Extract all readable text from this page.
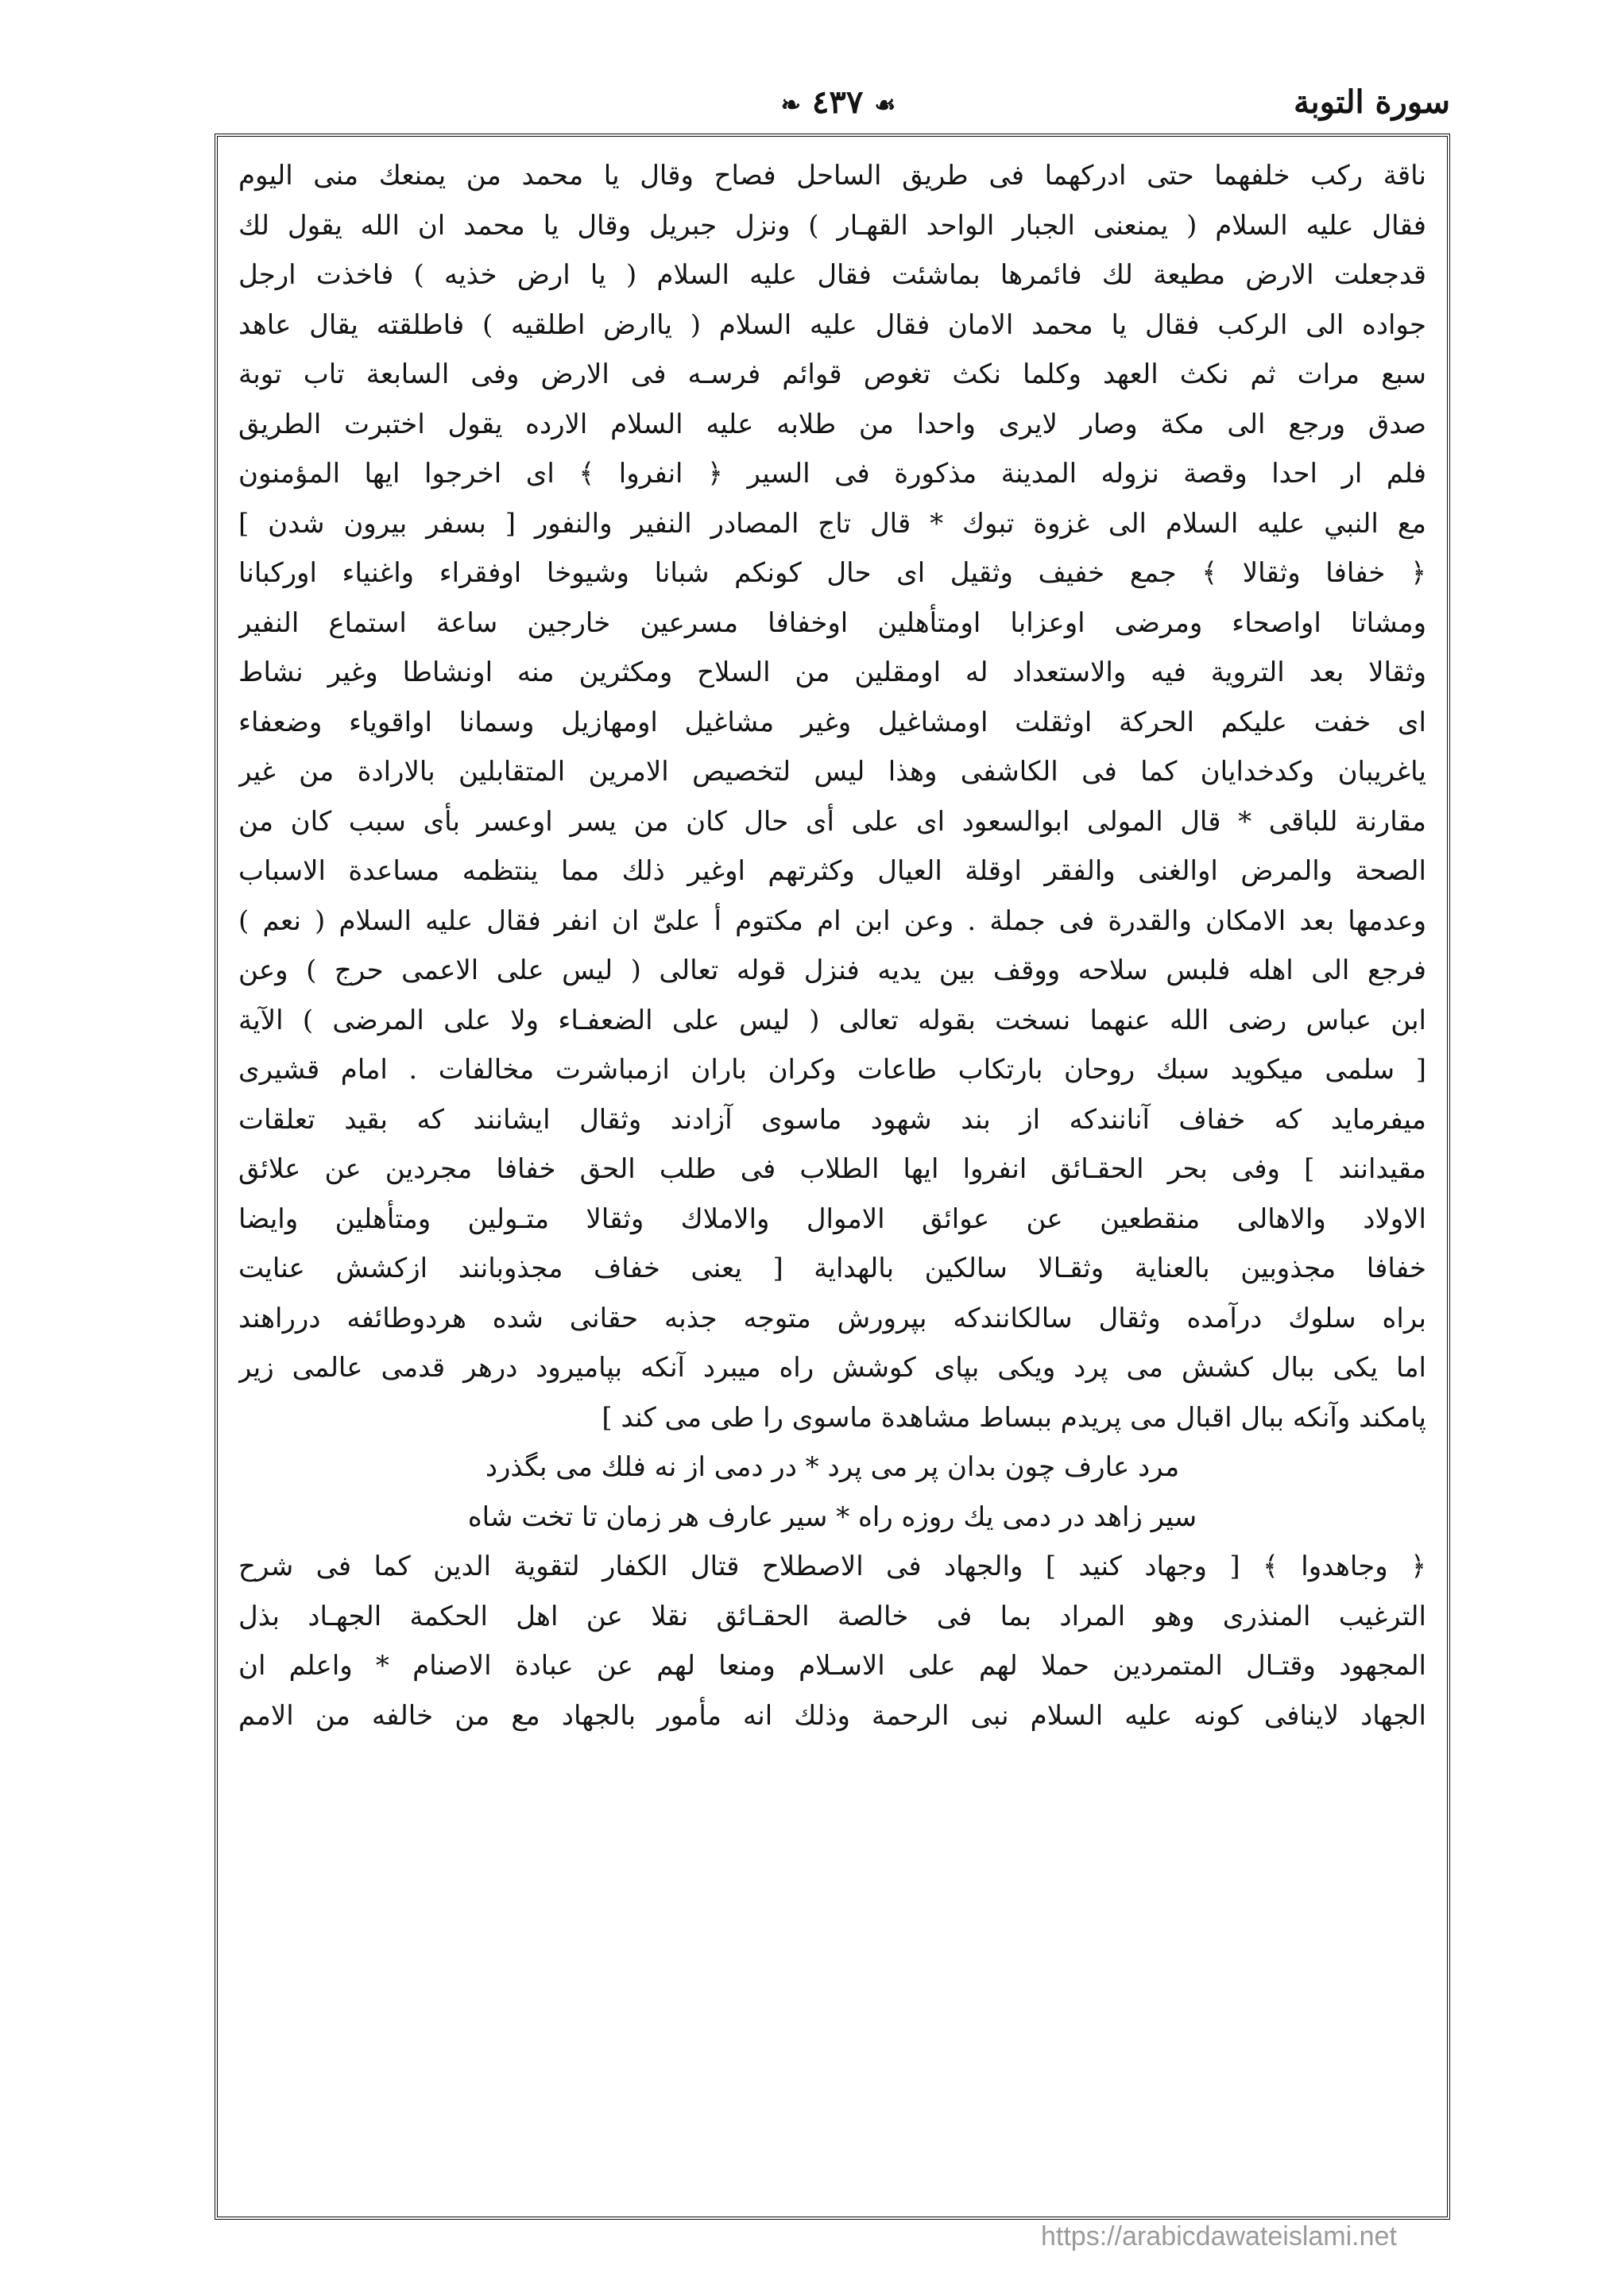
سورة التوبة
☙٤٣٧❧
ناقة ركب خلفهما حتى ادركهما فى طريق الساحل فصاح وقال يا محمد من يمنعك منى اليوم
فقال عليه السلام ( يمنعنى الجبار الواحد القهـار ) ونزل جبريل وقال يا محمد ان الله يقول لك
قدجعلت الارض مطيعة لك فائمرها بماشئت فقال عليه السلام ( يا ارض خذيه ) فاخذت ارجل
جواده الى الركب فقال يا محمد الامان فقال عليه السلام ( ياارض اطلقيه ) فاطلقته يقال عاهد
سبع مرات ثم نكث العهد وكلما نكث تغوص قوائم فرسـه فى الارض وفى السابعة تاب توبة
صدق ورجع الى مكة وصار لايرى واحدا من طلابه عليه السلام الارده يقول اختبرت الطريق
فلم ار احدا وقصة نزوله المدينة مذكورة فى السير ﴿ انفروا ﴾ اى اخرجوا ايها المؤمنون
مع النبي عليه السلام الى غزوة تبوك * قال تاج المصادر النفير والنفور [ بسفر بيرون شدن ]
﴿ خفافا وثقالا ﴾ جمع خفيف وثقيل اى حال كونكم شبانا وشيوخا اوفقراء واغنياء اوركبانا
ومشاتا اواصحاء ومرضى اوعزابا اومتأهلين اوخفافا مسرعين خارجين ساعة استماع النفير
وثقالا بعد التروية فيه والاستعداد له اومقلين من السلاح ومكثرين منه اونشاطا وغير نشاط
اى خفت عليكم الحركة اوثقلت اومشاغيل وغير مشاغيل اومهازيل وسمانا اواقوياء وضعفاء
ياغريبان وكدخدايان كما فى الكاشفى وهذا ليس لتخصيص الامرين المتقابلين بالارادة من غير
مقارنة للباقى * قال المولى ابوالسعود اى على أى حال كان من يسر اوعسر بأى سبب كان من
الصحة والمرض اوالغنى والفقر اوقلة العيال وكثرتهم اوغير ذلك مما ينتظمه مساعدة الاسباب
وعدمها بعد الامكان والقدرة فى جملة . وعن ابن ام مكتوم أ علىّ ان انفر فقال عليه السلام ( نعم )
فرجع الى اهله فلبس سلاحه ووقف بين يديه فنزل قوله تعالى ( ليس على الاعمى حرج ) وعن
ابن عباس رضى الله عنهما نسخت بقوله تعالى ( ليس على الضعفـاء ولا على المرضى ) الآية
[ سلمى ميكويد سبك روحان بارتكاب طاعات وكران باران ازمباشرت مخالفات . امام قشيرى
ميفرمايد كه خفاف آنانندكه از بند شهود ماسوى آزادند وثقال ايشانند كه بقيد تعلقات
مقيدانند ] وفى بحر الحقـائق انفروا ايها الطلاب فى طلب الحق خفافا مجردين عن علائق
الاولاد والاهالى منقطعين عن عوائق الاموال والاملاك وثقالا متـولين ومتأهلين وايضا
خفافا مجذوبين بالعناية وثقـالا سالكين بالهداية [ يعنى خفاف مجذوبانند ازكشش عنايت
براه سلوك درآمده وثقال سالكانندكه بپرورش متوجه جذبه حقانى شده هردوطائفه درراهند
اما يكى ببال كشش مى پرد ويكى بپاى كوشش راه ميبرد آنكه بپاميرود درهر قدمى عالمى زير
پامكند وآنكه ببال اقبال مى پريدم ببساط مشاهدة ماسوى را طى مى كند ]
مرد عارف چون بدان پر مى پرد * در دمى از نه فلك مى بگذرد
سير زاهد در دمى يك روزه راه * سير عارف هر زمان تا تخت شاه
﴿ وجاهدوا ﴾ [ وجهاد كنيد ] والجهاد فى الاصطلاح قتال الكفار لتقوية الدين كما فى شرح
الترغيب المنذرى وهو المراد بما فى خالصة الحقـائق نقلا عن اهل الحكمة الجهـاد بذل
المجهود وقتـال المتمردين حملا لهم على الاسـلام ومنعا لهم عن عبادة الاصنام * واعلم ان
الجهاد لاينافى كونه عليه السلام نبى الرحمة وذلك انه مأمور بالجهاد مع من خالفه من الامم
https://arabicdawateislami.net
